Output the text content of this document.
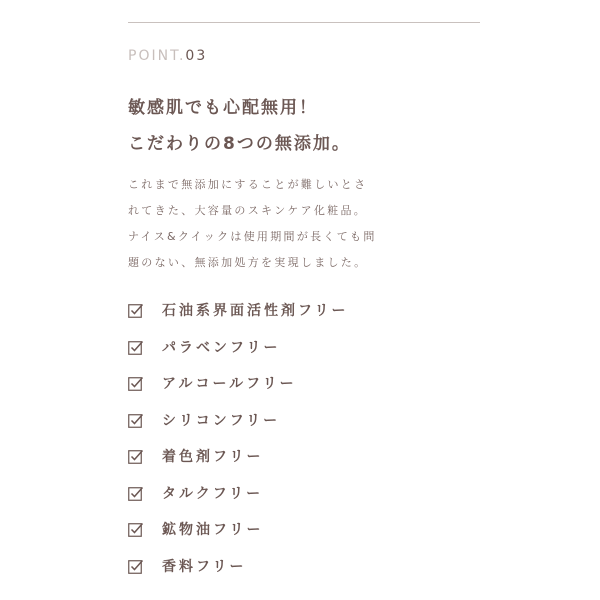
POINT.03
敏感肌でも心配無用！
こだわりの8つの無添加。
これまで無添加にすることが難しいとさ
れてきた、大容量のスキンケア化粧品。
ナイス&クイックは使用期間が長くても問
題のない、無添加処方を実現しました。
石油系界面活性剤フリー
パラベンフリー
アルコールフリー
シリコンフリー
着色剤フリー
タルクフリー
鉱物油フリー
香料フリー
